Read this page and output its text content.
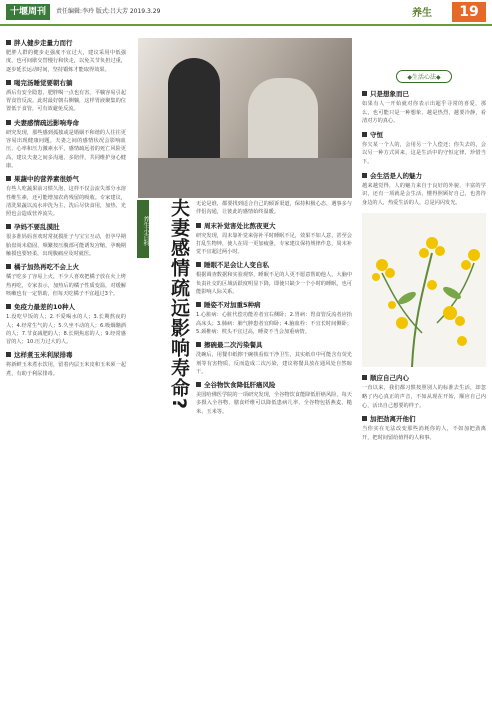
十堰周刊	责任编辑:李玲 版式:吕大芳 2019.3.29	养生	19
胖人健步走量力而行
肥胖人群的健步走强度不宜过大，建议采用中低强度，也可间歇交替慢行和快走，以免关节负担过重，逐步延长运动时间，坚持锻炼才能取得效果。
喝完汤睡觉要朝右躺
酒后有安全隐患，肥胖喝一点也有害。平躺容易引起胃食管反流，此时最好朝右侧躺，这样胃液聚集的位置低于食管，可有效避免反流。
夫妻感情疏远影响寿命
研究发现，那些感到孤独或是婚姻不和谐的人往往更容易出现健康问题。夫妻之间的感情状况会影响血压、心率和压力激素水平，感情疏远者的死亡风险更高，建议夫妻之间多沟通、多陪伴，共同维护身心健康。
果蔬中的营养素很娇气
有些人吃蔬果前习惯久泡，这样不仅会流失部分水溶性维生素，还可能增加农药残留的吸收。专家建议，清洗果蔬以流水冲洗为主，洗后尽快食用，加热、光照也会造成营养流失。
孕妈不要乱摸肚
很多准妈妈喜欢时常抚摸肚子与宝宝互动，但孕早期胎盘尚未稳固，频繁按压腹部可能诱发宫缩，孕晚期触摸也要轻柔，出现腹痛应及时就医。
橘子加热再吃不会上火
橘子吃多了容易上火，不少人喜欢把橘子放在火上烤热再吃，专家表示，加热后的橘子性质变温，对缓解咳嗽也有一定帮助，但每天吃橘子不宜超过3个。
免疫力最差的10种人
1.没吃早饭的人；2.不爱喝水的人；3.长期熬夜的人；4.经常生气的人；5.久坐不动的人；6.吸烟酗酒的人；7.节食减肥的人；8.长期焦虑的人；9.经常感冒的人；10.压力过大的人。
这样煮玉米利尿排毒
将新鲜玉米煮水饮用，留着内层玉米皮和玉米须一起煮，有助于利尿排毒。
养生小百科	夫妻感情疏远影响寿命? 无论是谁，都要找到适合自己的倾诉渠道，保持积极心态，遇事多与伴侣沟通，让彼此的感情始终温暖。
周末补觉害处比熬夜更大
研究发现，周末靠补觉来弥补平时睡眠不足，效果不如人意，甚至会打乱生物钟，使人在周一更加疲惫，专家建议保持规律作息，周末补觉不宜超过两小时。
睡眠不足会让人变自私
根据调查数据和实验观察，睡眠不足的人更不愿意帮助他人，大脑中负责社交的区域活跃度明显下降，即使只缺少一个小时的睡眠，也可能影响人际关系。
睡姿不对加重5种病
1.心脏病：心脏代偿功能差者宜右侧卧；2.胃病：胃食管反流者应抬高床头；3.肺病：肺气肿患者宜仰卧；4.脑血栓：不宜长时间侧卧；5.颈椎病：枕头不宜过高，睡姿不当会加重病情。
擦碗最二次污染餐具
洗碗后，用餐巾纸擦干碗筷看似干净卫生，其实纸巾中可能含有荧光剂等有害物质，反而造成二次污染，建议将餐具放在通风处自然晾干。
全谷物饮食降低肝癌风险
美国哈佛医学院的一项研究发现，全谷物饮食能降低肝癌风险，每天多摄入全谷物、膳食纤维可以降低患病几率，全谷物包括燕麦、糙米、玉米等。
◆生活心法◆
只是想象而已
如果有人一开始就对你表示出超乎寻常的喜爱，那么，也可能只是一种想象，越是热烈，越要冷静，看清对方的真心。
守恒
你欠某一个人的，会用另一个人偿还；你失去的，会以另一种方式回来，这是生活中的守恒定律，珍惜当下。
会生活是人的魅力
越来越觉得，人的魅力来自于良好的外貌、丰富的学识，还有一项就是会生活，懂得照顾好自己，也善待身边的人，热爱生活的人，总是闪闪发光。
顺应自己内心
一直以来，我们都习惯按照别人的标准去生活，却忽略了内心真正的声音，不如从现在开始，顺应自己内心，活出自己想要的样子。
加把劲离开他们
当你实在无法改变那些消耗你的人，不如加把劲离开，把时间留给值得的人和事。
